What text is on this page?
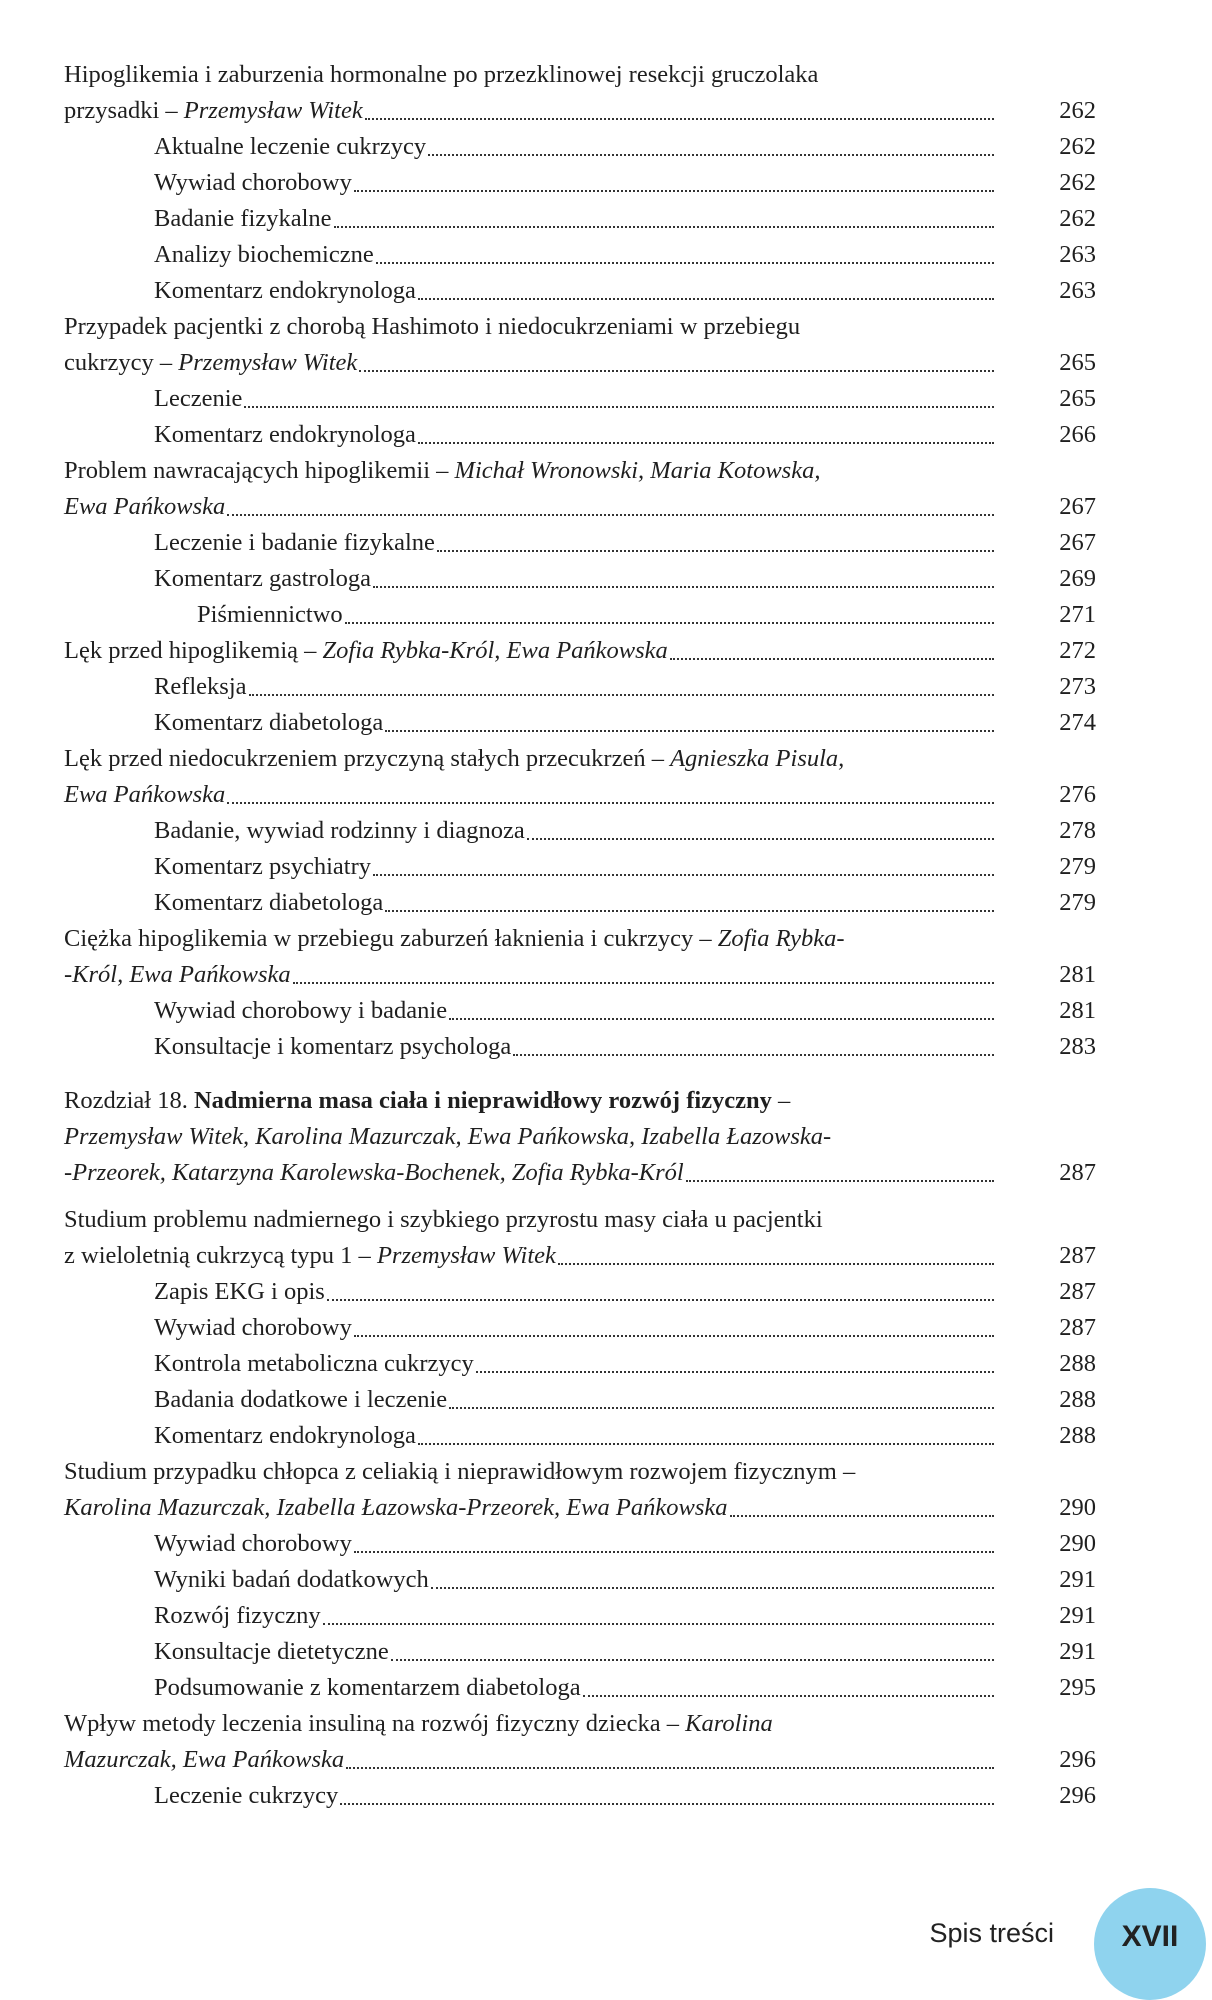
Hipoglikemia i zaburzenia hormonalne po przezklinowej resekcji gruczolaka
przysadki – Przemysław Witek	262
Aktualne leczenie cukrzycy	262
Wywiad chorobowy	262
Badanie fizykalne	262
Analizy biochemiczne	263
Komentarz endokrynologa	263
Przypadek pacjentki z chorobą Hashimoto i niedocukrzeniami w przebiegu
cukrzycy – Przemysław Witek	265
Leczenie	265
Komentarz endokrynologa	266
Problem nawracających hipoglikemii – Michał Wronowski, Maria Kotowska,
Ewa Pańkowska	267
Leczenie i badanie fizykalne	267
Komentarz gastrologa	269
Piśmiennictwo	271
Lęk przed hipoglikemią – Zofia Rybka-Król, Ewa Pańkowska	272
Refleksja	273
Komentarz diabetologa	274
Lęk przed niedocukrzeniem przyczyną stałych przecukrzeń – Agnieszka Pisula,
Ewa Pańkowska	276
Badanie, wywiad rodzinny i diagnoza	278
Komentarz psychiatry	279
Komentarz diabetologa	279
Ciężka hipoglikemia w przebiegu zaburzeń łaknienia i cukrzycy – Zofia Rybka-
-Król, Ewa Pańkowska	281
Wywiad chorobowy i badanie	281
Konsultacje i komentarz psychologa	283
Rozdział 18. Nadmierna masa ciała i nieprawidłowy rozwój fizyczny –
Przemysław Witek, Karolina Mazurczak, Ewa Pańkowska, Izabella Łazowska-
-Przeorek, Katarzyna Karolewska-Bochenek, Zofia Rybka-Król	287
Studium problemu nadmiernego i szybkiego przyrostu masy ciała u pacjentki
z wieloletnią cukrzycą typu 1 – Przemysław Witek	287
Zapis EKG i opis	287
Wywiad chorobowy	287
Kontrola metaboliczna cukrzycy	288
Badania dodatkowe i leczenie	288
Komentarz endokrynologa	288
Studium przypadku chłopca z celiakią i nieprawidłowym rozwojem fizycznym –
Karolina Mazurczak, Izabella Łazowska-Przeorek, Ewa Pańkowska	290
Wywiad chorobowy	290
Wyniki badań dodatkowych	291
Rozwój fizyczny	291
Konsultacje dietetyczne	291
Podsumowanie z komentarzem diabetologa	295
Wpływ metody leczenia insuliną na rozwój fizyczny dziecka – Karolina
Mazurczak, Ewa Pańkowska	296
Leczenie cukrzycy	296
Spis treści	XVII
